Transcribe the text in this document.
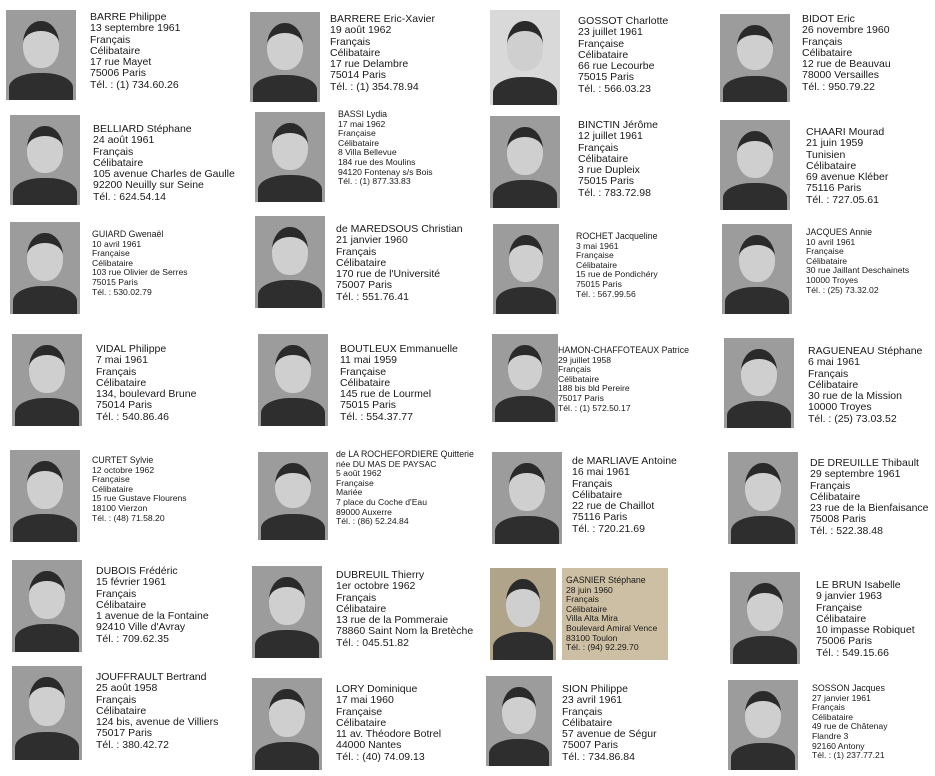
BARRE Philippe
13 septembre 1961
Français
Célibataire
17 rue Mayet
75006 Paris
Tél. : (1) 734.60.26
BARRERE Eric-Xavier
19 août 1962
Français
Célibataire
17 rue Delambre
75014 Paris
Tél. : (1) 354.78.94
GOSSOT Charlotte
23 juillet 1961
Française
Célibataire
66 rue Lecourbe
75015 Paris
Tél. : 566.03.23
BIDOT Eric
26 novembre 1960
Français
Célibataire
12 rue de Beauvau
78000 Versailles
Tél. : 950.79.22
BELLIARD Stéphane
24 août 1961
Français
Célibataire
105 avenue Charles de Gaulle
92200 Neuilly sur Seine
Tél. : 624.54.14
BASSI Lydia
17 mai 1962
Française
Célibataire
8 Villa Bellevue
184 rue des Moulins
94120 Fontenay s/s Bois
Tél. : (1) 877.33.83
BINCTIN Jérôme
12 juillet 1961
Français
Célibataire
3 rue Dupleix
75015 Paris
Tél. : 783.72.98
CHAARI Mourad
21 juin 1959
Tunisien
Célibataire
69 avenue Kléber
75116 Paris
Tél. : 727.05.61
GUIARD Gwenaël
10 avril 1961
Française
Célibataire
103 rue Olivier de Serres
75015 Paris
Tél. : 530.02.79
de MAREDSOUS Christian
21 janvier 1960
Français
Célibataire
170 rue de l'Université
75007 Paris
Tél. : 551.76.41
ROCHET Jacqueline
3 mai 1961
Française
Célibataire
15 rue de Pondichéry
75015 Paris
Tél. : 567.99.56
JACQUES Annie
10 avril 1961
Française
Célibataire
30 rue Jaillant Deschainets
10000 Troyes
Tél. : (25) 73.32.02
VIDAL Philippe
7 mai 1961
Français
Célibataire
134, boulevard Brune
75014 Paris
Tél. : 540.86.46
BOUTLEUX Emmanuelle
11 mai 1959
Française
Célibataire
145 rue de Lourmel
75015 Paris
Tél. : 554.37.77
HAMON-CHAFFOTEAUX Patrice
29 juillet 1958
Français
Célibataire
188 bis bld Pereire
75017 Paris
Tél. : (1) 572.50.17
RAGUENEAU Stéphane
6 mai 1961
Français
Célibataire
30 rue de la Mission
10000 Troyes
Tél. : (25) 73.03.52
CURTET Sylvie
12 octobre 1962
Française
Célibataire
15 rue Gustave Flourens
18100 Vierzon
Tél. : (48) 71.58.20
de LA ROCHEFORDIERE Quitterie
née DU MAS DE PAYSAC
5 août 1962
Française
Mariée
7 place du Coche d'Eau
89000 Auxerre
Tél. : (86) 52.24.84
de MARLIAVE Antoine
16 mai 1961
Français
Célibataire
22 rue de Chaillot
75116 Paris
Tél. : 720.21.69
DE DREUILLE Thibault
29 septembre 1961
Français
Célibataire
23 rue de la Bienfaisance
75008 Paris
Tél. : 522.38.48
DUBOIS Frédéric
15 février 1961
Français
Célibataire
1 avenue de la Fontaine
92410 Ville d'Avray
Tél. : 709.62.35
DUBREUIL Thierry
1er octobre 1962
Français
Célibataire
13 rue de la Pommeraie
78860 Saint Nom la Bretèche
Tél. : 045.51.82
GASNIER Stéphane
28 juin 1960
Français
Célibataire
Villa Alta Mira
Boulevard Amiral Vence
83100 Toulon
Tél. : (94) 92.29.70
LE BRUN Isabelle
9 janvier 1963
Française
Célibataire
10 impasse Robiquet
75006 Paris
Tél. : 549.15.66
JOUFFRAULT Bertrand
25 août 1958
Français
Célibataire
124 bis, avenue de Villiers
75017 Paris
Tél. : 380.42.72
LORY Dominique
17 mai 1960
Française
Célibataire
11 av. Théodore Botrel
44000 Nantes
Tél. : (40) 74.09.13
SION Philippe
23 avril 1961
Français
Célibataire
57 avenue de Ségur
75007 Paris
Tél. : 734.86.84
SOSSON Jacques
27 janvier 1961
Français
Célibataire
49 rue de Châtenay
Flandre 3
92160 Antony
Tél. : (1) 237.77.21
